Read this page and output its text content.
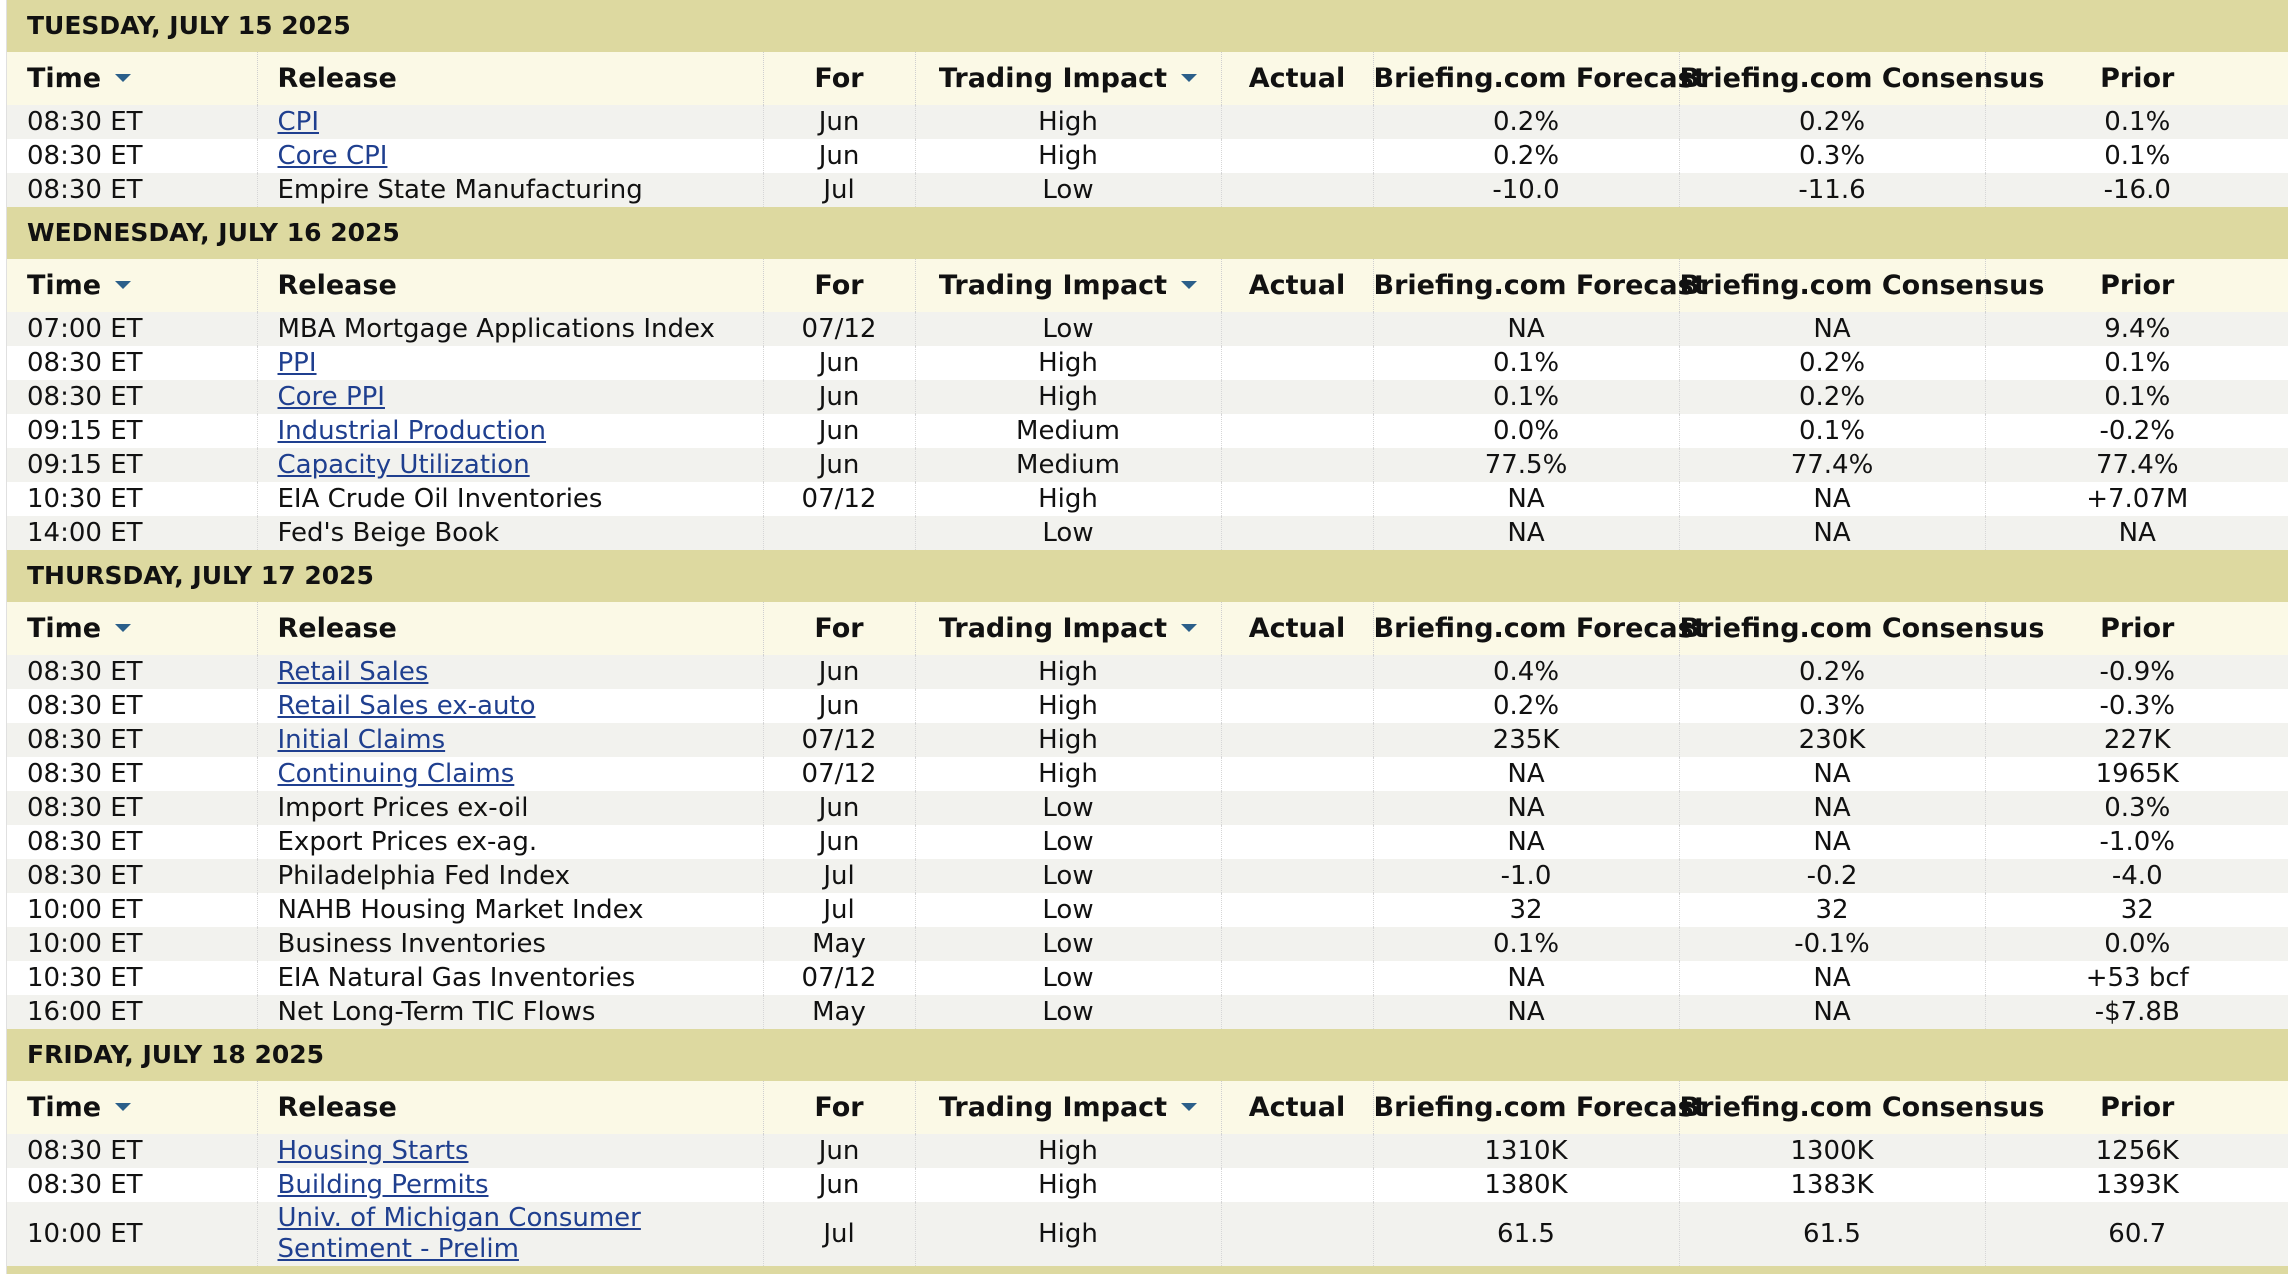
TUESDAY, JULY 15 2025
Time	Release	For	Trading Impact	Actual	Briefing.com Forecast	Briefing.com Consensus	Prior
08:30 ET	CPI	Jun	High		0.2%	0.2%	0.1%
08:30 ET	Core CPI	Jun	High		0.2%	0.3%	0.1%
08:30 ET	Empire State Manufacturing	Jul	Low		-10.0	-11.6	-16.0
WEDNESDAY, JULY 16 2025
Time	Release	For	Trading Impact	Actual	Briefing.com Forecast	Briefing.com Consensus	Prior
07:00 ET	MBA Mortgage Applications Index	07/12	Low		NA	NA	9.4%
08:30 ET	PPI	Jun	High		0.1%	0.2%	0.1%
08:30 ET	Core PPI	Jun	High		0.1%	0.2%	0.1%
09:15 ET	Industrial Production	Jun	Medium		0.0%	0.1%	-0.2%
09:15 ET	Capacity Utilization	Jun	Medium		77.5%	77.4%	77.4%
10:30 ET	EIA Crude Oil Inventories	07/12	High		NA	NA	+7.07M
14:00 ET	Fed's Beige Book		Low		NA	NA	NA
THURSDAY, JULY 17 2025
Time	Release	For	Trading Impact	Actual	Briefing.com Forecast	Briefing.com Consensus	Prior
08:30 ET	Retail Sales	Jun	High		0.4%	0.2%	-0.9%
08:30 ET	Retail Sales ex-auto	Jun	High		0.2%	0.3%	-0.3%
08:30 ET	Initial Claims	07/12	High		235K	230K	227K
08:30 ET	Continuing Claims	07/12	High		NA	NA	1965K
08:30 ET	Import Prices ex-oil	Jun	Low		NA	NA	0.3%
08:30 ET	Export Prices ex-ag.	Jun	Low		NA	NA	-1.0%
08:30 ET	Philadelphia Fed Index	Jul	Low		-1.0	-0.2	-4.0
10:00 ET	NAHB Housing Market Index	Jul	Low		32	32	32
10:00 ET	Business Inventories	May	Low		0.1%	-0.1%	0.0%
10:30 ET	EIA Natural Gas Inventories	07/12	Low		NA	NA	+53 bcf
16:00 ET	Net Long-Term TIC Flows	May	Low		NA	NA	-$7.8B
FRIDAY, JULY 18 2025
Time	Release	For	Trading Impact	Actual	Briefing.com Forecast	Briefing.com Consensus	Prior
08:30 ET	Housing Starts	Jun	High		1310K	1300K	1256K
08:30 ET	Building Permits	Jun	High		1380K	1383K	1393K
10:00 ET	Univ. of Michigan Consumer Sentiment - Prelim	Jul	High		61.5	61.5	60.7
